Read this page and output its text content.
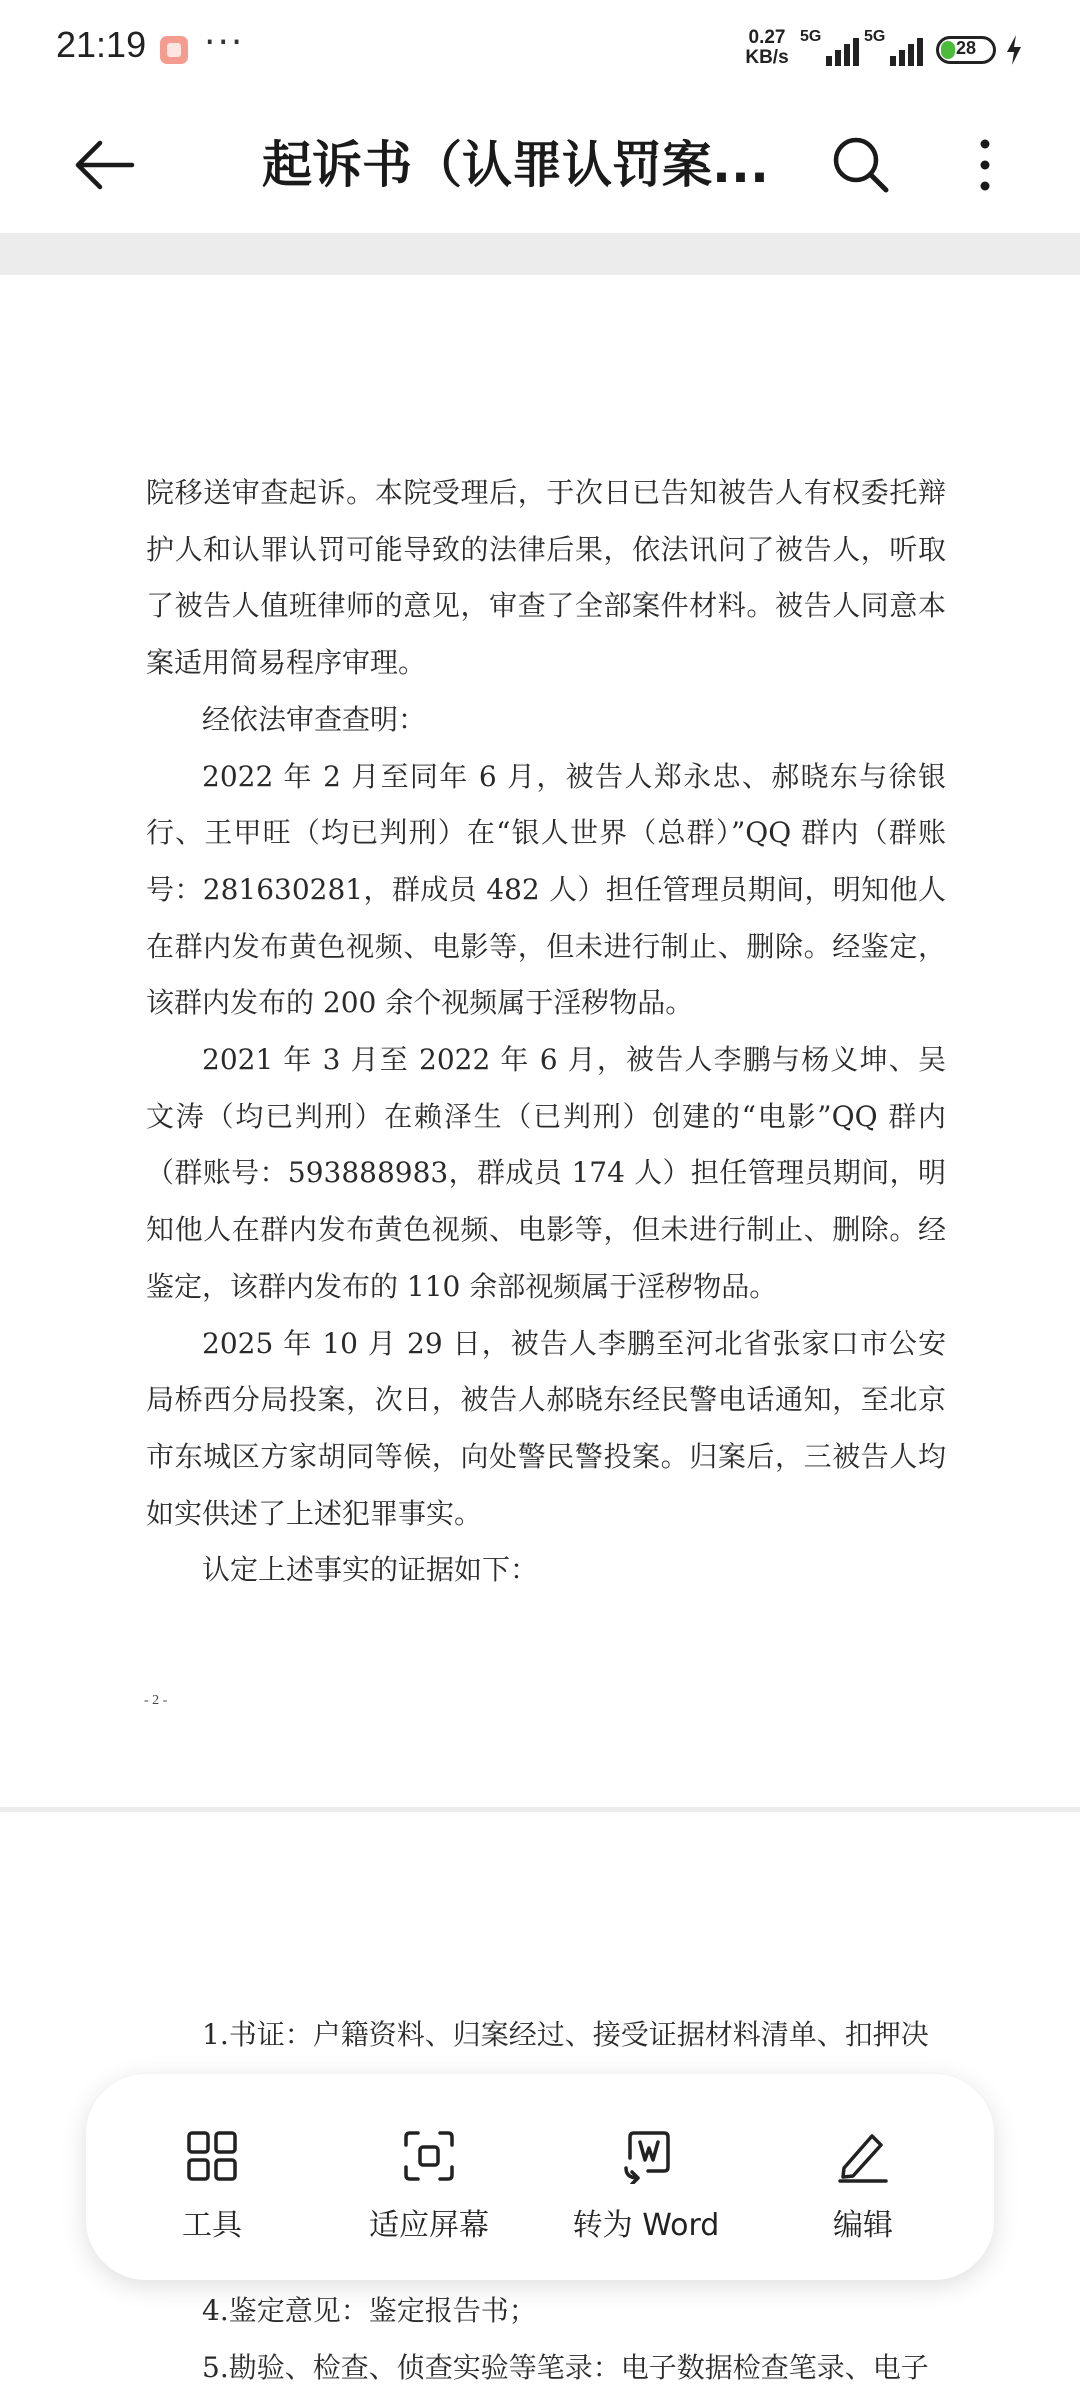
21:19 ···	0.27
KB/s
5G	5G
28
起诉书（认罪认罚案...

院移送审查起诉。本院受理后，于次日已告知被告人有权委托辩护人和认罪认罚可能导致的法律后果，依法讯问了被告人，听取了被告人值班律师的意见，审查了全部案件材料。被告人同意本案适用简易程序审理。

经依法审查查明：

2022 年 2 月至同年 6 月，被告人郑永忠、郝晓东与徐银行、王甲旺（均已判刑）在“银人世界（总群）”QQ 群内（群账号：281630281，群成员 482 人）担任管理员期间，明知他人在群内发布黄色视频、电影等，但未进行制止、删除。经鉴定，该群内发布的 200 余个视频属于淫秽物品。

2021 年 3 月至 2022 年 6 月，被告人李鹏与杨义坤、吴文涛（均已判刑）在赖泽生（已判刑）创建的“电影”QQ 群内（群账号：593888983，群成员 174 人）担任管理员期间，明知他人在群内发布黄色视频、电影等，但未进行制止、删除。经鉴定，该群内发布的 110 余部视频属于淫秽物品。

2025 年 10 月 29 日，被告人李鹏至河北省张家口市公安局桥西分局投案，次日，被告人郝晓东经民警电话通知，至北京市东城区方家胡同等候，向处警民警投案。归案后，三被告人均如实供述了上述犯罪事实。

认定上述事实的证据如下：

- 2 -

1.书证：户籍资料、归案经过、接受证据材料清单、扣押决

4.鉴定意见：鉴定报告书；

5.勘验、检查、侦查实验等笔录：电子数据检查笔录、电子

工具	适应屏幕	转为 Word	编辑
